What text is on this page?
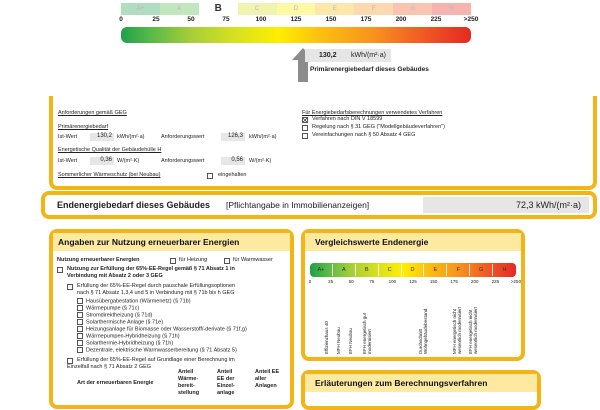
A+	A	B	C	D	E	F	G	H
0	25	50	75	100	125	150	175	200	225	>250
130,2 kWh/(m²·a)
Primärenergiebedarf dieses Gebäudes
Anforderungen gemäß GEG
Primärenergiebedarf
Ist-Wert	130,2 kWh/(m²·a)	Anforderungswert	126,3	kWh/(m²·a)
Energetische Qualität der Gebäudehülle H
Ist-Wert	0,36 W/(m²·K)	Anforderungswert	0,56	W/(m²·K)
Sommerlicher Wärmeschutz (bei Neubau)	eingehalten
Für Energiebedarfsberechnungen verwendetes Verfahren
Verfahren nach DIN V 18599
Regelung nach § 31 GEG ("Modellgebäudeverfahren")
Vereinfachungen nach § 50 Absatz 4 GEG
Endenergiebedarf dieses Gebäudes [Pflichtangabe in Immobilienanzeigen]	72,3 kWh/(m²·a)
Angaben zur Nutzung erneuerbarer Energien
Nutzung erneuerbarer Energien	für Heizung	für Warmwasser
Nutzung zur Erfüllung der 65%-EE-Regel gemäß § 71 Absatz 1 in
Verbindung mit Absatz 2 oder 3 GEG
Erfüllung der 65%-EE-Regel durch pauschale Erfüllungsoptionen
nach § 71 Absatz 1,3,4 und 5 in Verbindung mit § 71b bis h GEG
Hausübergabestation (Wärmenetz) (§ 71b)
Wärmepumpe (§ 71c)
Stromdirektheizung (§ 71d)
Solarthermische Anlage (§ 71e)
Heizungsanlage für Biomasse oder Wasserstoff/-derivate (§ 71f,g)
Wärmepumpen-Hybridheizung (§ 71h)
Solarthermie-Hybridheizung (§ 71h)
Dezentrale, elektrische Warmwasserbereitung (§ 71 Absatz 5)
Erfüllung der 65%-EE-Regel auf Grundlage einer Berechnung im
Einzelfall nach § 71 Absatz 2 GEG
Art der erneuerbaren Energie
Anteil Wärme-bereit-stellung
Anteil EE der Einzel-anlage
Anteil EE aller Anlagen
Vergleichswerte Endenergie
A+	A	B	C	D	E	F	G	H
0	25	50	75	100	125	150	175	200	225	>250
Effizienzhaus 40	MFH Neubau	EFH Neubau	EFH energetisch gut modernisiert	Durchschnitt Wohngebäudebestand	MFH energetisch nicht wesentlich modernisiert	EFH energetisch nicht wesentlich modernisiert
Erläuterungen zum Berechnungsverfahren
